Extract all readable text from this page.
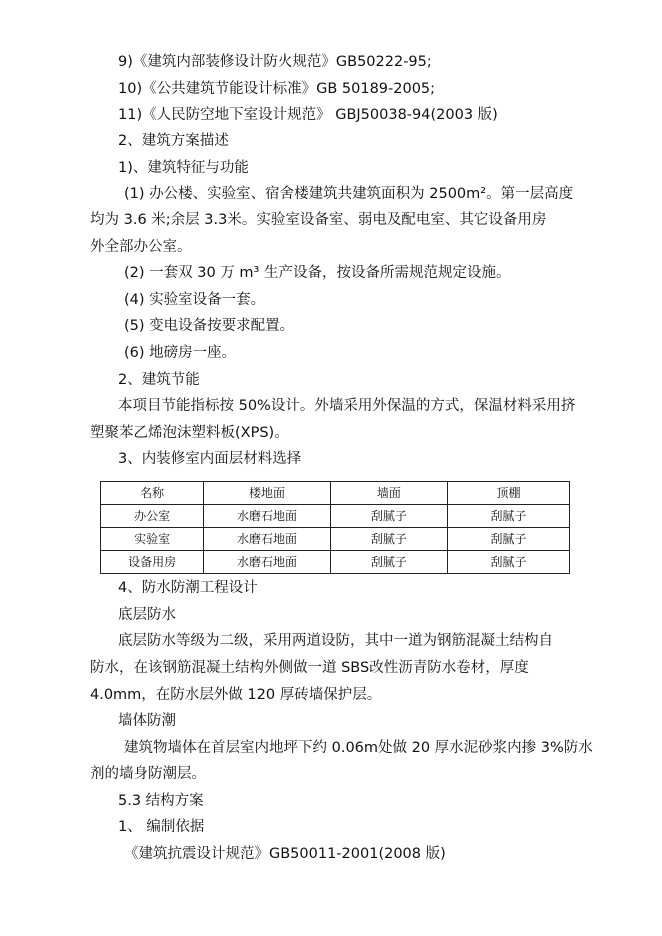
9)《建筑内部装修设计防火规范》GB50222-95;

10)《公共建筑节能设计标准》GB 50189-2005;

11)《人民防空地下室设计规范》 GBJ50038-94(2003 版)

2、建筑方案描述

1)、建筑特征与功能

(1) 办公楼、实验室、宿舍楼建筑共建筑面积为 2500m²。第一层高度

均为 3.6 米;余层 3.3米。实验室设备室、弱电及配电室、其它设备用房

外全部办公室。

(2) 一套双 30 万 m³ 生产设备，按设备所需规范规定设施。

(4) 实验室设备一套。

(5) 变电设备按要求配置。

(6) 地磅房一座。

2、建筑节能

本项目节能指标按 50%设计。外墙采用外保温的方式，保温材料采用挤

塑聚苯乙烯泡沫塑料板(XPS)。

3、内装修室内面层材料选择

名称	楼地面	墙面	顶棚
办公室	水磨石地面	刮腻子	刮腻子
实验室	水磨石地面	刮腻子	刮腻子
设备用房	水磨石地面	刮腻子	刮腻子

4、防水防潮工程设计

底层防水

底层防水等级为二级，采用两道设防，其中一道为钢筋混凝土结构自

防水，在该钢筋混凝土结构外侧做一道 SBS改性沥青防水卷材，厚度

4.0mm，在防水层外做 120 厚砖墙保护层。

墙体防潮

建筑物墙体在首层室内地坪下约 0.06m处做 20 厚水泥砂浆内掺 3%防水

剂的墙身防潮层。

5.3 结构方案

1、 编制依据

《建筑抗震设计规范》GB50011-2001(2008 版)
